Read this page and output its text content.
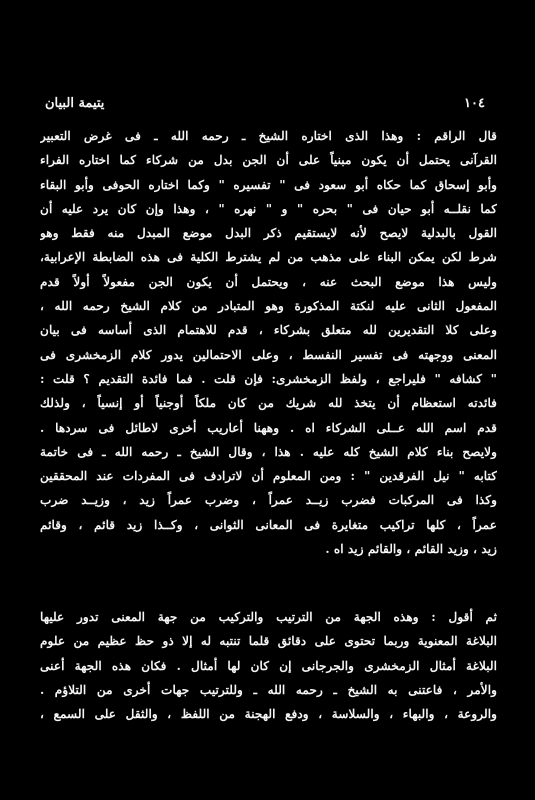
١٠٤
يتيمة البيان
قال الراقم : وهذا الذى اختاره الشيخ ـ رحمه الله ـ فى غرض التعبير
القرآنى يحتمل أن يكون مبنياً على أن الجن بدل من شركاء كما اختاره الفراء
وأبو إسحاق كما حكاه أبو سعود فى " تفسيره " وكما اختاره الحوفى وأبو البقاء
كما نقلــه أبو حيان فى " بحره " و " نهره " ، وهذا وإن كان يرد عليه أن
القول بالبدلية لايصح لأنه لايستقيم ذكر البدل موضع المبدل منه فقط وهو
شرط لكن يمكن البناء على مذهب من لم يشترط الكلية فى هذه الضابطة الإعرابية،
وليس هذا موضع البحث عنه ، ويحتمل أن يكون الجن مفعولاً أولاً قدم
المفعول الثانى عليه لنكتة المذكورة وهو المتبادر من كلام الشيخ رحمه الله ،
وعلى كلا التقديرين لله متعلق بشركاء ، قدم للاهتمام الذى أساسه فى بيان
المعنى ووجهته فى تفسير النفسط ، وعلى الاحتمالين يدور كلام الزمخشرى فى
" كشافه " فليراجع ، ولفظ الزمخشرى: فإن قلت . فما فائدة التقديم ؟ قلت :
فائدته استعظام أن يتخذ لله شريك من كان ملكاً أوجنياً أو إنسياً ، ولذلك
قدم اسم الله عــلى الشركاء اه . وههنا أعاريب أخرى لاطائل فى سردها .
ولايصح بناء كلام الشيخ كله عليه . هذا ، وقال الشيخ ـ رحمه الله ـ فى خاتمة
كتابه " نيل الفرقدين " : ومن المعلوم أن لاترادف فى المفردات عند المحققين
وكذا فى المركبات فضرب زيــد عمراً ، وضرب عمراً زيد ، وزيــد ضرب
عمراً ، كلها تراكيب متغايرة فى المعانى الثوانى ، وكــذا زيد قائم ، وقائم
زيد ، وزيد القائم ، والقائم زيد اه .
ثم أقول : وهذه الجهة من الترتيب والتركيب من جهة المعنى تدور عليها
البلاغة المعنوية وربما تحتوى على دقائق قلما تنتبه له إلا ذو حظ عظيم من علوم
البلاغة أمثال الزمخشرى والجرجانى إن كان لها أمثال . فكان هذه الجهة أعنى
والأمر ، فاعتنى به الشيخ ـ رحمه الله ـ وللترتيب جهات أخرى من التلاؤم .
والروعة ، والبهاء ، والسلاسة ، ودفع الهجنة من اللفظ ، والثقل على السمع ،
